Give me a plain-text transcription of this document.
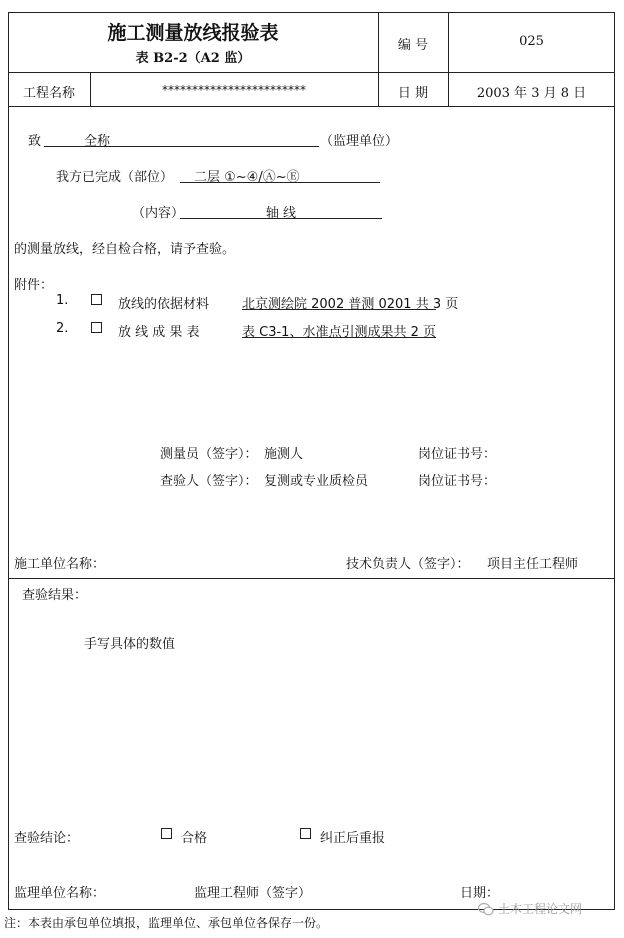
施工测量放线报验表
表 B2-2（A2 监）
编 号	025
工程名称	************************	日 期	2003 年 3 月 8 日
致	全称	（监理单位）
我方已完成（部位） 二层 ①~④/Ⓐ~Ⓔ
（内容）	轴 线
的测量放线，经自检合格，请予查验。
附件：
1.	放线的依据材料	北京测绘院 2002 普测 0201 共 3 页
2.	放 线 成 果 表	表 C3-1、水准点引测成果共 2 页
测量员（签字）： 施测人	岗位证书号：
查验人（签字）： 复测或专业质检员	岗位证书号：
施工单位名称：	技术负责人（签字）： 项目主任工程师
查验结果：
手写具体的数值
查验结论：	合格	纠正后重报
监理单位名称：	监理工程师（签字）	日期：
注：本表由承包单位填报，监理单位、承包单位各保存一份。
土木工程论文网
